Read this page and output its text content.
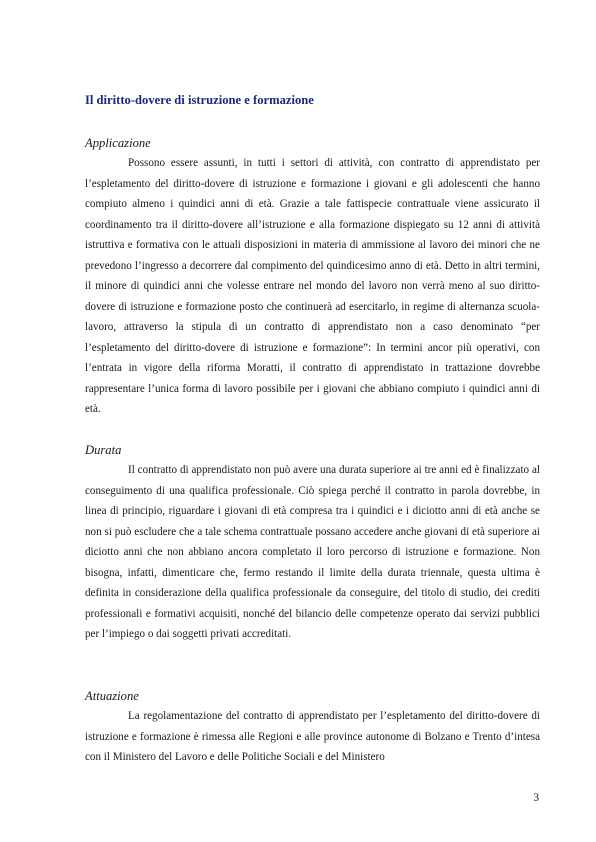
Il diritto-dovere di istruzione e formazione
Applicazione

Possono essere assunti, in tutti i settori di attività, con contratto di apprendistato per l’espletamento del diritto-dovere di istruzione e formazione i giovani e gli adolescenti che hanno compiuto almeno i quindici anni di età. Grazie a tale fattispecie contrattuale viene assicurato il coordinamento tra il diritto-dovere all’istruzione e alla formazione dispiegato su 12 anni di attività istruttiva e formativa con le attuali disposizioni in materia di ammissione al lavoro dei minori che ne prevedono l’ingresso a decorrere dal compimento del quindicesimo anno di età. Detto in altri termini, il minore di quindici anni che volesse entrare nel mondo del lavoro non verrà meno al suo diritto-dovere di istruzione e formazione posto che continuerà ad esercitarlo, in regime di alternanza scuola-lavoro, attraverso la stipula di un contratto di apprendistato non a caso denominato “per l’espletamento del diritto-dovere di istruzione e formazione”: In termini ancor più operativi, con l’entrata in vigore della riforma Moratti, il contratto di apprendistato in trattazione dovrebbe rappresentare l’unica forma di lavoro possibile per i giovani che abbiano compiuto i quindici anni di età.

Durata

Il contratto di apprendistato non può avere una durata superiore ai tre anni ed è finalizzato al conseguimento di una qualifica professionale. Ciò spiega perché il contratto in parola dovrebbe, in linea di principio, riguardare i giovani di età compresa tra i quindici e i diciotto anni di età anche se non si può escludere che a tale schema contrattuale possano accedere anche giovani di età superiore ai diciotto anni che non abbiano ancora completato il loro percorso di istruzione e formazione. Non bisogna, infatti, dimenticare che, fermo restando il limite della durata triennale, questa ultima è definita in considerazione della qualifica professionale da conseguire, del titolo di studio, dei crediti professionali e formativi acquisiti, nonché del bilancio delle competenze operato dai servizi pubblici per l’impiego o dai soggetti privati accreditati.

Attuazione

La regolamentazione del contratto di apprendistato per l’espletamento del diritto-dovere di istruzione e formazione è rimessa alle Regioni e alle province autonome di Bolzano e Trento d’intesa con il Ministero del Lavoro e delle Politiche Sociali e del Ministero

3
